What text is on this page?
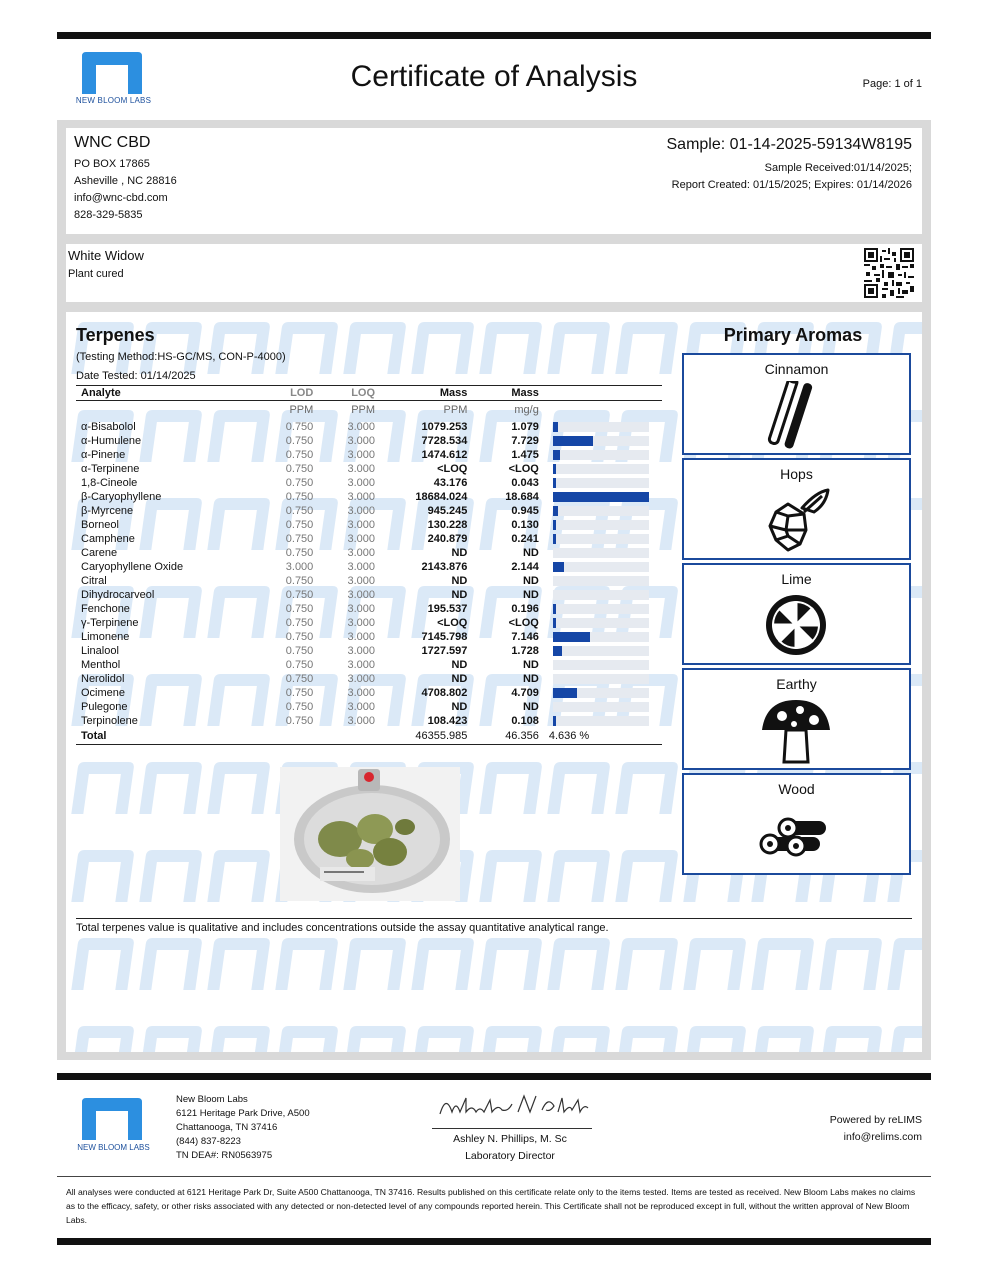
NEW BLOOM LABS
Certificate of Analysis	Page: 1 of 1
WNC CBD
PO BOX 17865
Asheville , NC 28816
info@wnc-cbd.com
828-329-5835
Sample: 01-14-2025-59134W8195
Sample Received:01/14/2025;
Report Created: 01/15/2025; Expires: 01/14/2026
White Widow
Plant cured
Terpenes
(Testing Method:HS-GC/MS, CON-P-4000)
Date Tested: 01/14/2025
Analyte	LOD	LOQ	Mass	Mass	
	PPM	PPM	PPM	mg/g	
α-Bisabolol	0.750	3.000	1079.253	1.079	

α-Humulene	0.750	3.000	7728.534	7.729	

α-Pinene	0.750	3.000	1474.612	1.475	

α-Terpinene	0.750	3.000	<LOQ	<LOQ	

1,8-Cineole	0.750	3.000	43.176	0.043	

β-Caryophyllene	0.750	3.000	18684.024	18.684	

β-Myrcene	0.750	3.000	945.245	0.945	

Borneol	0.750	3.000	130.228	0.130	

Camphene	0.750	3.000	240.879	0.241	

Carene	0.750	3.000	ND	ND	

Caryophyllene Oxide	3.000	3.000	2143.876	2.144	

Citral	0.750	3.000	ND	ND	

Dihydrocarveol	0.750	3.000	ND	ND	

Fenchone	0.750	3.000	195.537	0.196	

γ-Terpinene	0.750	3.000	<LOQ	<LOQ	

Limonene	0.750	3.000	7145.798	7.146	

Linalool	0.750	3.000	1727.597	1.728	

Menthol	0.750	3.000	ND	ND	

Nerolidol	0.750	3.000	ND	ND	

Ocimene	0.750	3.000	4708.802	4.709	

Pulegone	0.750	3.000	ND	ND	

Terpinolene	0.750	3.000	108.423	0.108	

Total			46355.985	46.356	4.636 %
Total terpenes value is qualitative and includes concentrations outside the assay quantitative analytical range.
Primary Aromas
Cinnamon
Hops
Lime
Earthy
Wood
NEW BLOOM LABS
New Bloom Labs
6121 Heritage Park Drive, A500
Chattanooga, TN 37416
(844) 837-8223
TN DEA#: RN0563975
Ashley N. Phillips, M. Sc
Laboratory Director
Powered by reLIMS
info@relims.com
All analyses were conducted at 6121 Heritage Park Dr, Suite A500 Chattanooga, TN 37416. Results published on this certificate relate only to the items tested. Items are tested as received. New Bloom Labs makes no claims as to the efficacy, safety, or other risks associated with any detected or non-detected level of any compounds reported herein. This Certificate shall not be reproduced except in full, without the written approval of New Bloom Labs.
